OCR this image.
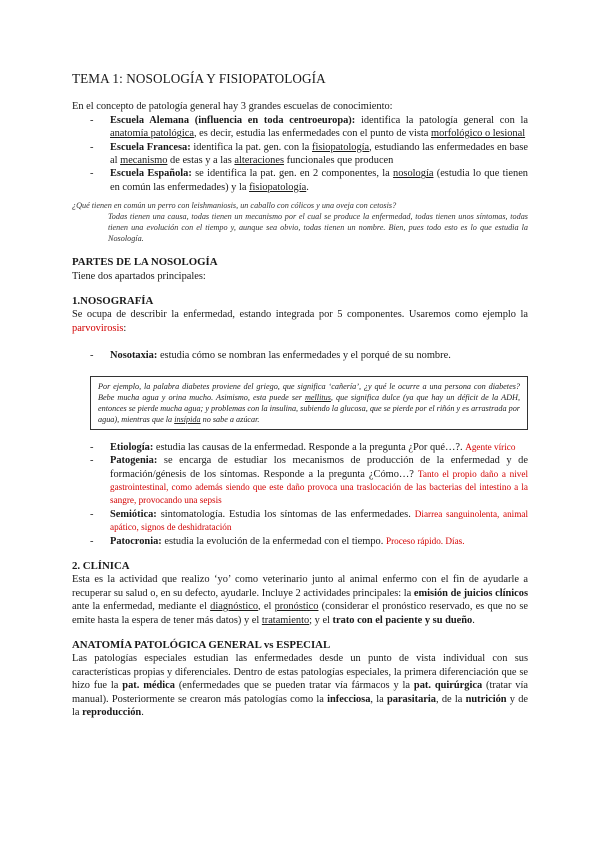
TEMA 1: NOSOLOGÍA Y FISIOPATOLOGÍA

En el concepto de patología general hay 3 grandes escuelas de conocimiento:

- Escuela Alemana (influencia en toda centroeuropa): identifica la patología general con la anatomía patológica, es decir, estudia las enfermedades con el punto de vista morfológico o lesional
- Escuela Francesa: identifica la pat. gen. con la fisiopatología, estudiando las enfermedades en base al mecanismo de estas y a las alteraciones funcionales que producen
- Escuela Española: se identifica la pat. gen. en 2 componentes, la nosología (estudia lo que tienen en común las enfermedades) y la fisiopatología.

¿Qué tienen en común un perro con leishmaniosis, un caballo con cólicos y una oveja con cetosis?

Todas tienen una causa, todas tienen un mecanismo por el cual se produce la enfermedad, todas tienen unos síntomas, todas tienen una evolución con el tiempo y, aunque sea obvio, todas tienen un nombre. Bien, pues todo esto es lo que estudia la Nosología.

PARTES DE LA NOSOLOGÍA

Tiene dos apartados principales:

1.NOSOGRAFÍA

Se ocupa de describir la enfermedad, estando integrada por 5 componentes. Usaremos como ejemplo la parvovirosis:

- Nosotaxia: estudia cómo se nombran las enfermedades y el porqué de su nombre.
Por ejemplo, la palabra diabetes proviene del griego, que significa ‘cañería’, ¿y qué le ocurre a una persona con diabetes? Bebe mucha agua y orina mucho. Asimismo, esta puede ser mellitus, que significa dulce (ya que hay un déficit de la ADH, entonces se pierde mucha agua; y problemas con la insulina, subiendo la glucosa, que se pierde por el riñón y es arrastrada por agua), mientras que la insípida no sabe a azúcar.
- Etiología: estudia las causas de la enfermedad. Responde a la pregunta ¿Por qué…?. Agente vírico
- Patogenia: se encarga de estudiar los mecanismos de producción de la enfermedad y de formación/génesis de los síntomas. Responde a la pregunta ¿Cómo…? Tanto el propio daño a nivel gastrointestinal, como además siendo que este daño provoca una traslocación de las bacterias del intestino a la sangre, provocando una sepsis
- Semiótica: sintomatología. Estudia los síntomas de las enfermedades. Diarrea sanguinolenta, animal apático, signos de deshidratación
- Patocronia: estudia la evolución de la enfermedad con el tiempo. Proceso rápido. Días.
2. CLÍNICA

Esta es la actividad que realizo ‘yo’ como veterinario junto al animal enfermo con el fin de ayudarle a recuperar su salud o, en su defecto, ayudarle. Incluye 2 actividades principales: la emisión de juicios clínicos ante la enfermedad, mediante el diagnóstico, el pronóstico (considerar el pronóstico reservado, es que no se emite hasta la espera de tener más datos) y el tratamiento; y el trato con el paciente y su dueño.

ANATOMÍA PATOLÓGICA GENERAL vs ESPECIAL

Las patologías especiales estudian las enfermedades desde un punto de vista individual con sus características propias y diferenciales. Dentro de estas patologías especiales, la primera diferenciación que se hizo fue la pat. médica (enfermedades que se pueden tratar vía fármacos y la pat. quirúrgica (tratar vía manual). Posteriormente se crearon más patologías como la infecciosa, la parasitaria, de la nutrición y de la reproducción.
